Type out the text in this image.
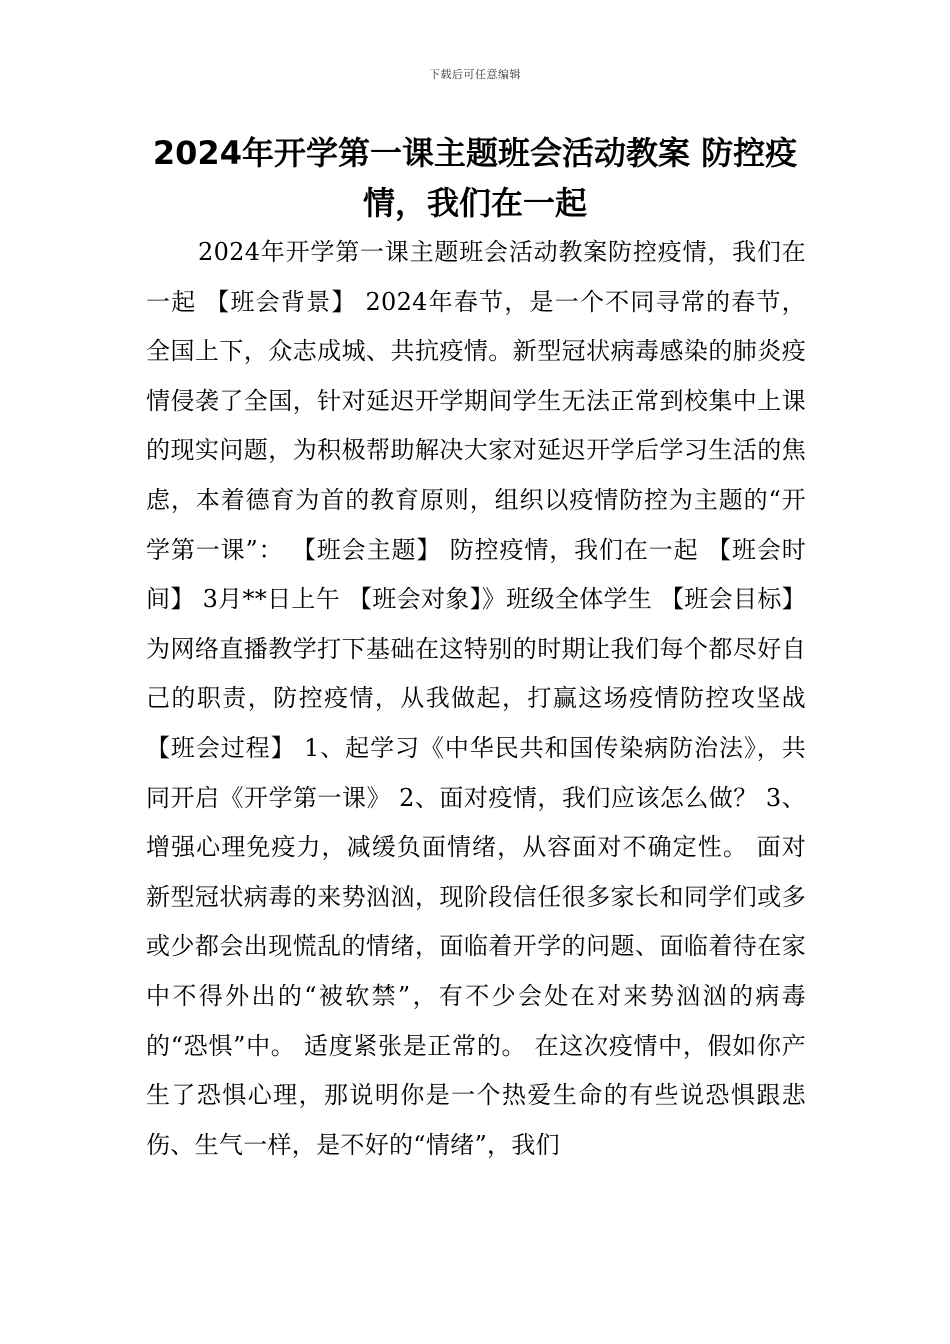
下载后可任意编辑
2024年开学第一课主题班会活动教案 防控疫情，我们在一起

2024年开学第一课主题班会活动教案防控疫情，我们在一起 【班会背景】 2024年春节，是一个不同寻常的春节，全国上下，众志成城、共抗疫情。新型冠状病毒感染的肺炎疫情侵袭了全国，针对延迟开学期间学生无法正常到校集中上课的现实问题，为积极帮助解决大家对延迟开学后学习生活的焦虑，本着德育为首的教育原则，组织以疫情防控为主题的“开学第一课”： 【班会主题】 防控疫情，我们在一起 【班会时间】 3月**日上午 【班会对象】》班级全体学生 【班会目标】 为网络直播教学打下基础在这特别的时期让我们每个都尽好自己的职责，防控疫情，从我做起，打赢这场疫情防控攻坚战【班会过程】 1、起学习《中华民共和国传染病防治法》，共同开启《开学第一课》 2、面对疫情，我们应该怎么做？ 3、增强心理免疫力，减缓负面情绪，从容面对不确定性。 面对新型冠状病毒的来势汹汹，现阶段信任很多家长和同学们或多或少都会出现慌乱的情绪，面临着开学的问题、面临着待在家中不得外出的“被软禁”，有不少会处在对来势汹汹的病毒的“恐惧”中。 适度紧张是正常的。 在这次疫情中，假如你产生了恐惧心理，那说明你是一个热爱生命的有些说恐惧跟悲伤、生气一样，是不好的“情绪”，我们
